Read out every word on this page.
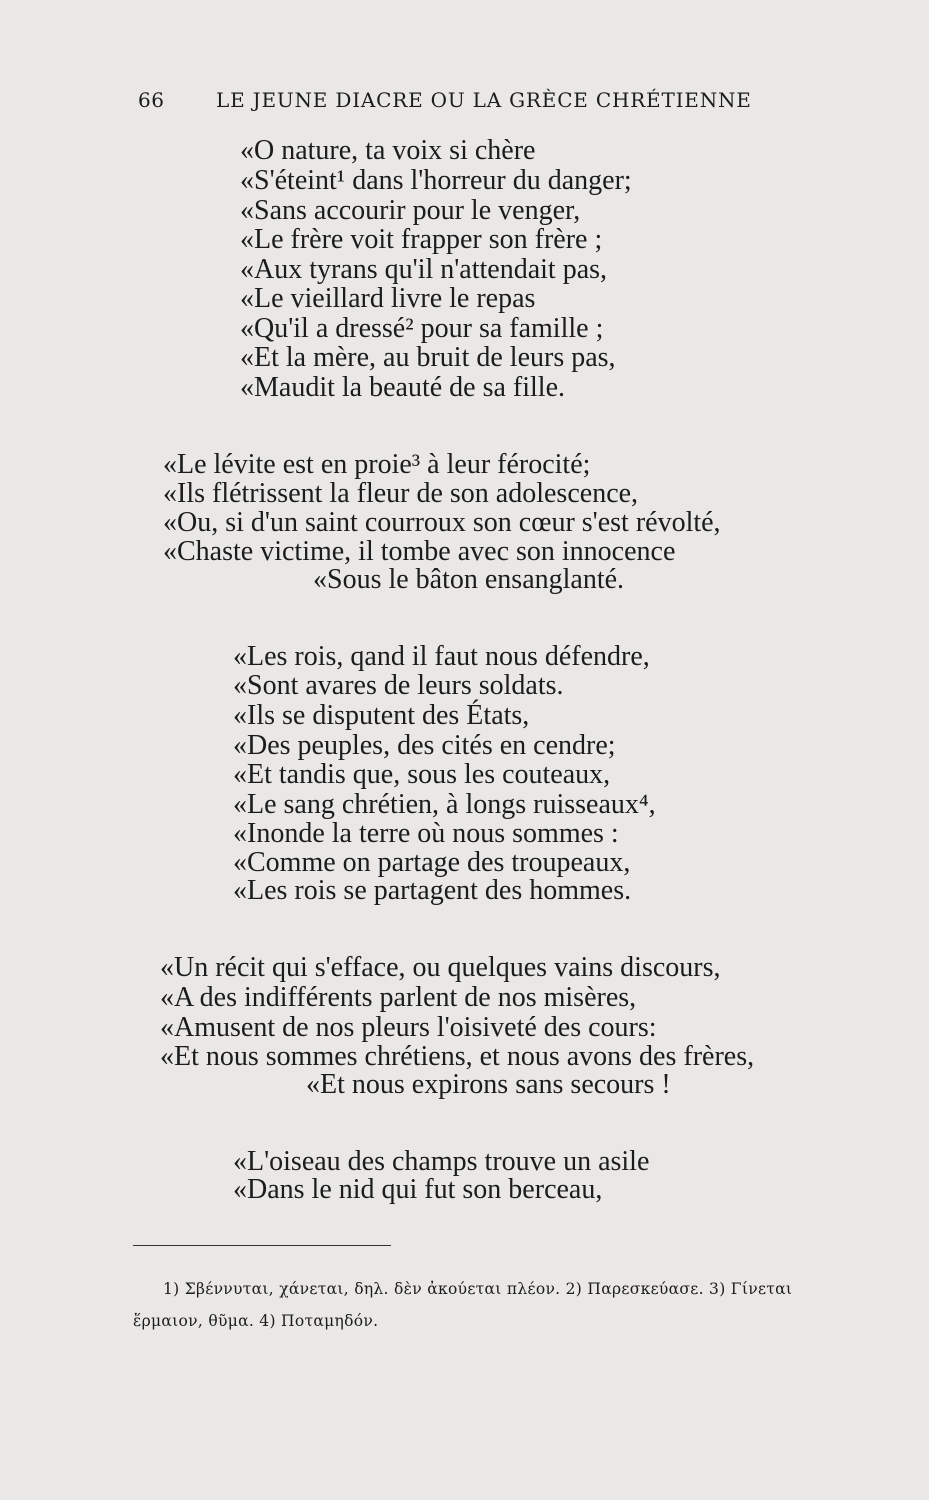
66	LE JEUNE DIACRE OU LA GRÈCE CHRÉTIENNE
«O nature, ta voix si chère
«S'éteint¹ dans l'horreur du danger;
«Sans accourir pour le venger,
«Le frère voit frapper son frère ;
«Aux tyrans qu'il n'attendait pas,
«Le vieillard livre le repas
«Qu'il a dressé² pour sa famille ;
«Et la mère, au bruit de leurs pas,
«Maudit la beauté de sa fille.
«Le lévite est en proie³ à leur férocité;
«Ils flétrissent la fleur de son adolescence,
«Ou, si d'un saint courroux son cœur s'est révolté,
«Chaste victime, il tombe avec son innocence
«Sous le bâton ensanglanté.
«Les rois, qand il faut nous défendre,
«Sont avares de leurs soldats.
«Ils se disputent des États,
«Des peuples, des cités en cendre;
«Et tandis que, sous les couteaux,
«Le sang chrétien, à longs ruisseaux⁴,
«Inonde la terre où nous sommes :
«Comme on partage des troupeaux,
«Les rois se partagent des hommes.
«Un récit qui s'efface, ou quelques vains discours,
«A des indifférents parlent de nos misères,
«Amusent de nos pleurs l'oisiveté des cours:
«Et nous sommes chrétiens, et nous avons des frères,
«Et nous expirons sans secours !
«L'oiseau des champs trouve un asile
«Dans le nid qui fut son berceau,
1) Σβέννυται, χάνεται, δηλ. δὲν ἀκούεται πλέον. 2) Παρεσκεύασε. 3) Γίνεται
ἕρμαιον, θῦμα. 4) Ποταμηδόν.
